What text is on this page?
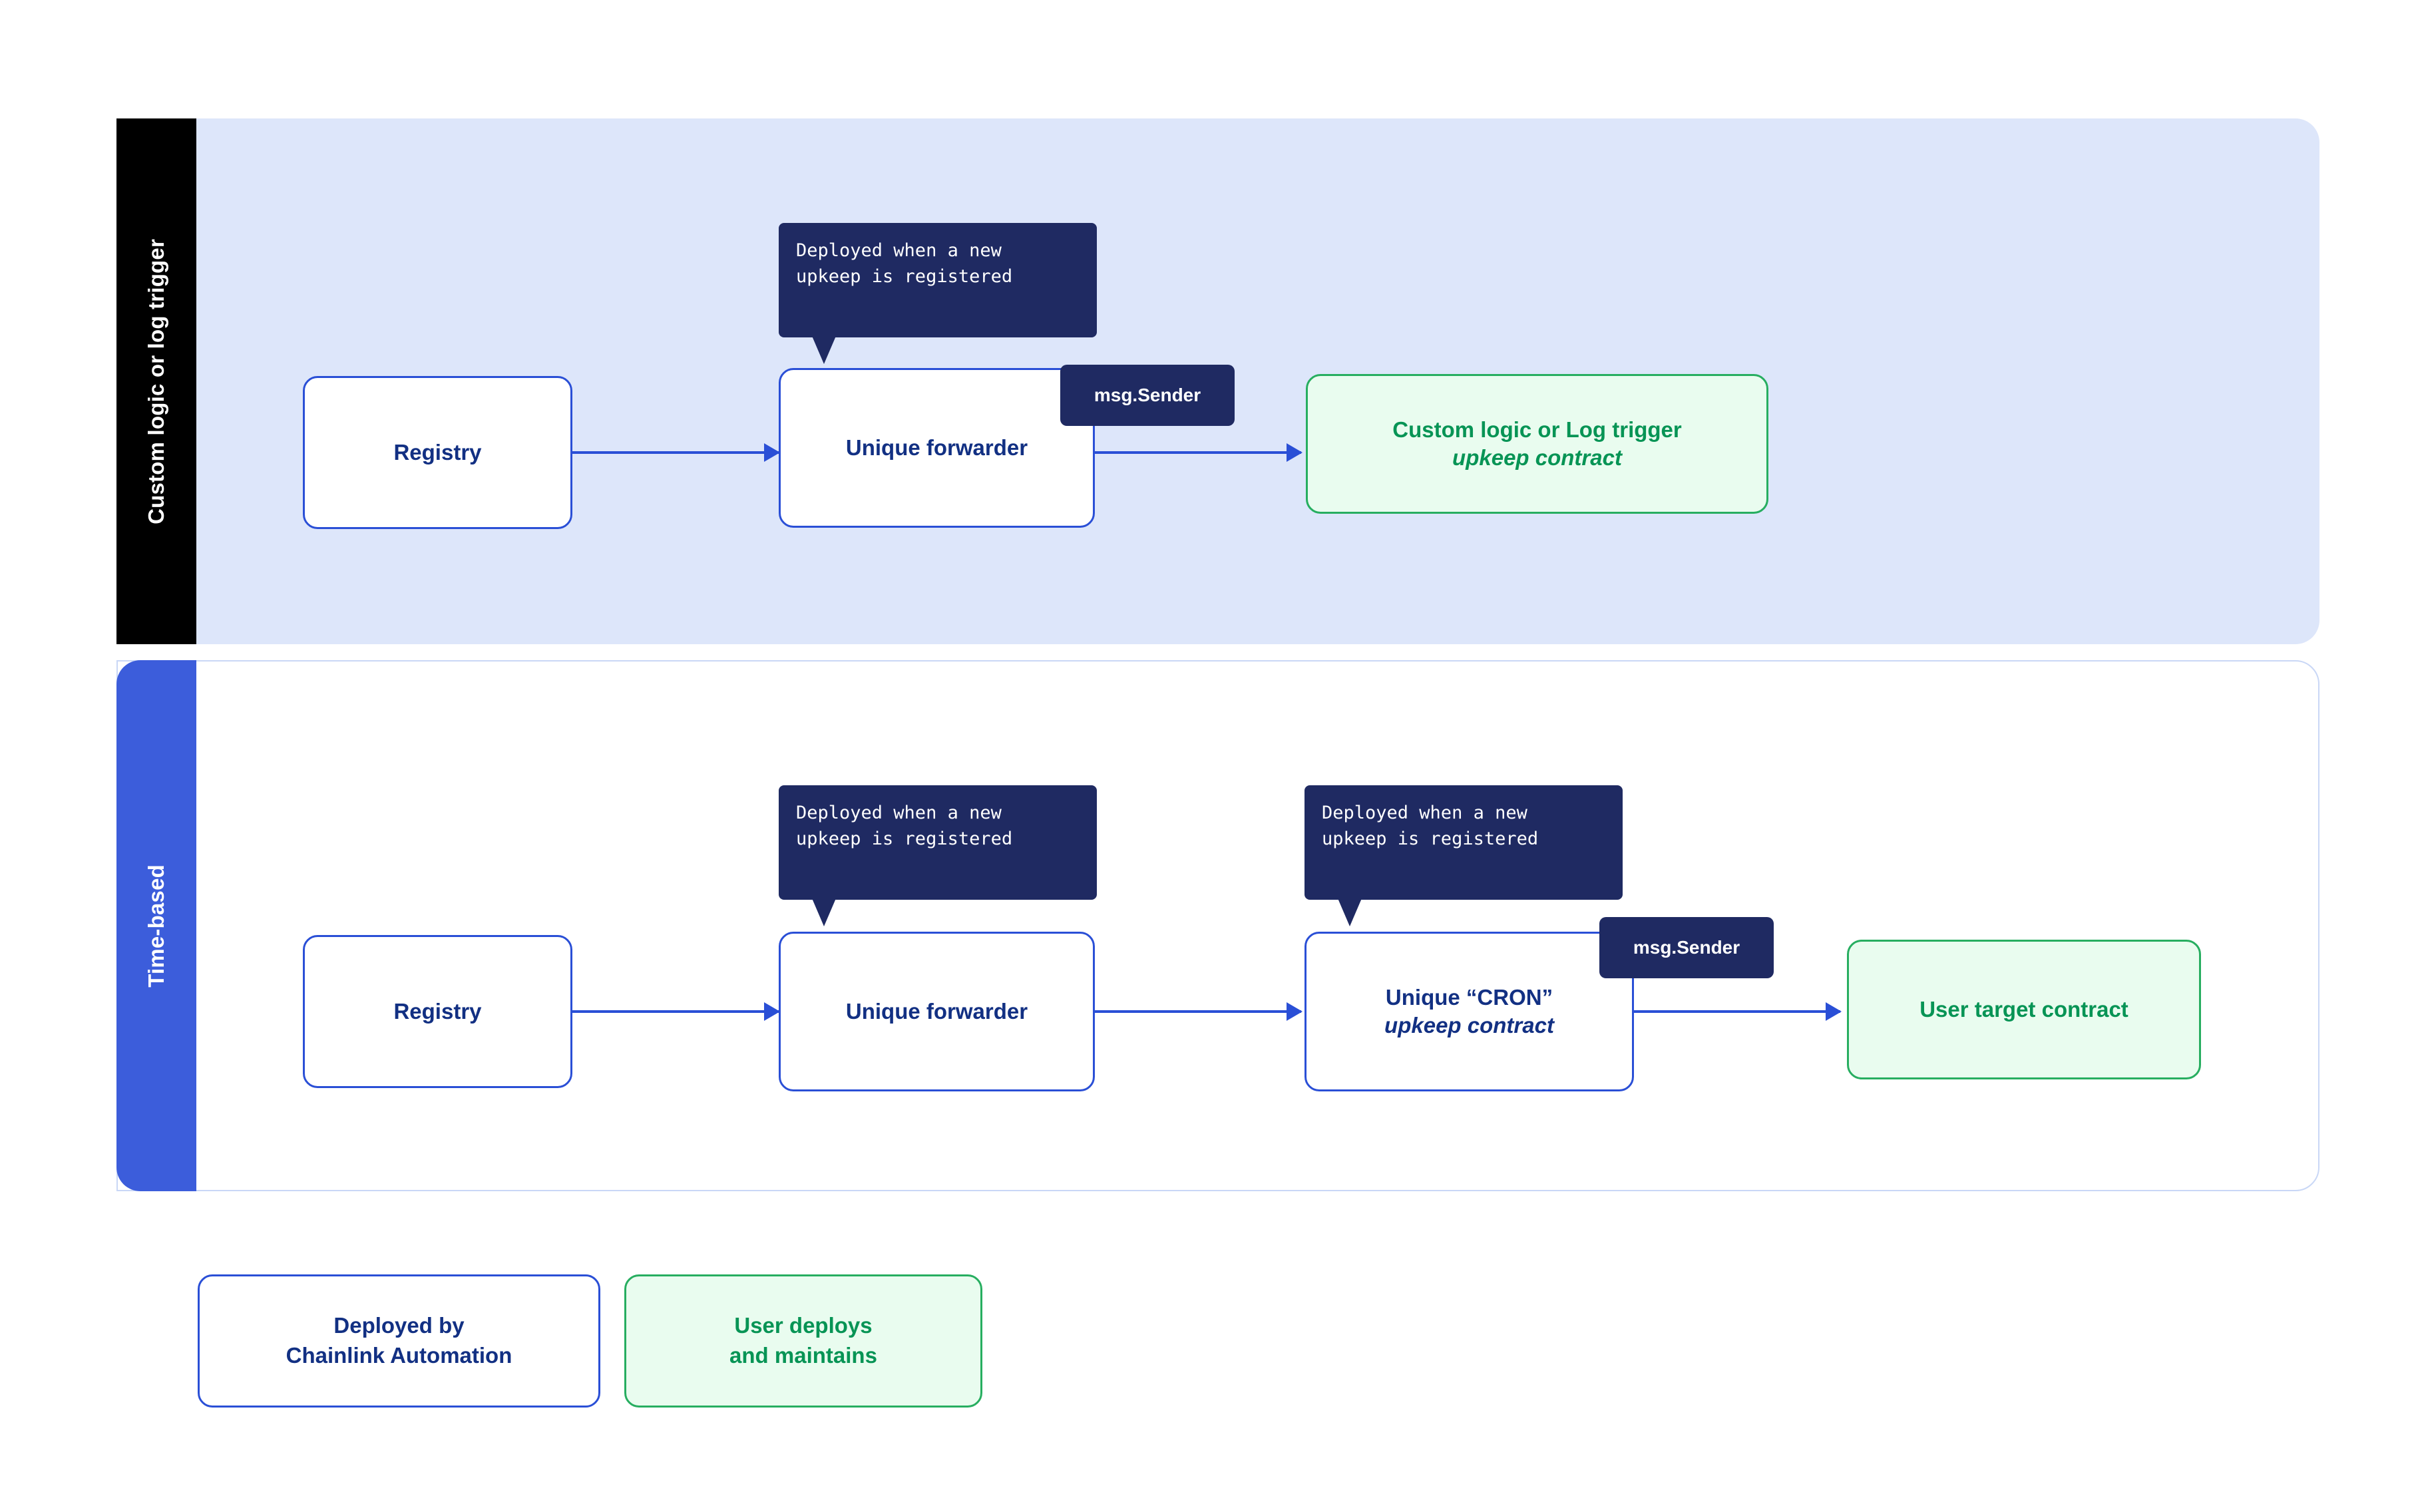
Custom logic or log trigger	Registry	Unique forwarder
Custom logic or Log trigger
upkeep contract
Deployed when a new
upkeep is registered
msg.Sender
Time-based
Registry	Unique forwarder
Unique “CRON”
upkeep contract
User target contract
Deployed when a new
upkeep is registered
Deployed when a new
upkeep is registered
msg.Sender
Deployed by
Chainlink Automation
User deploys
and maintains
